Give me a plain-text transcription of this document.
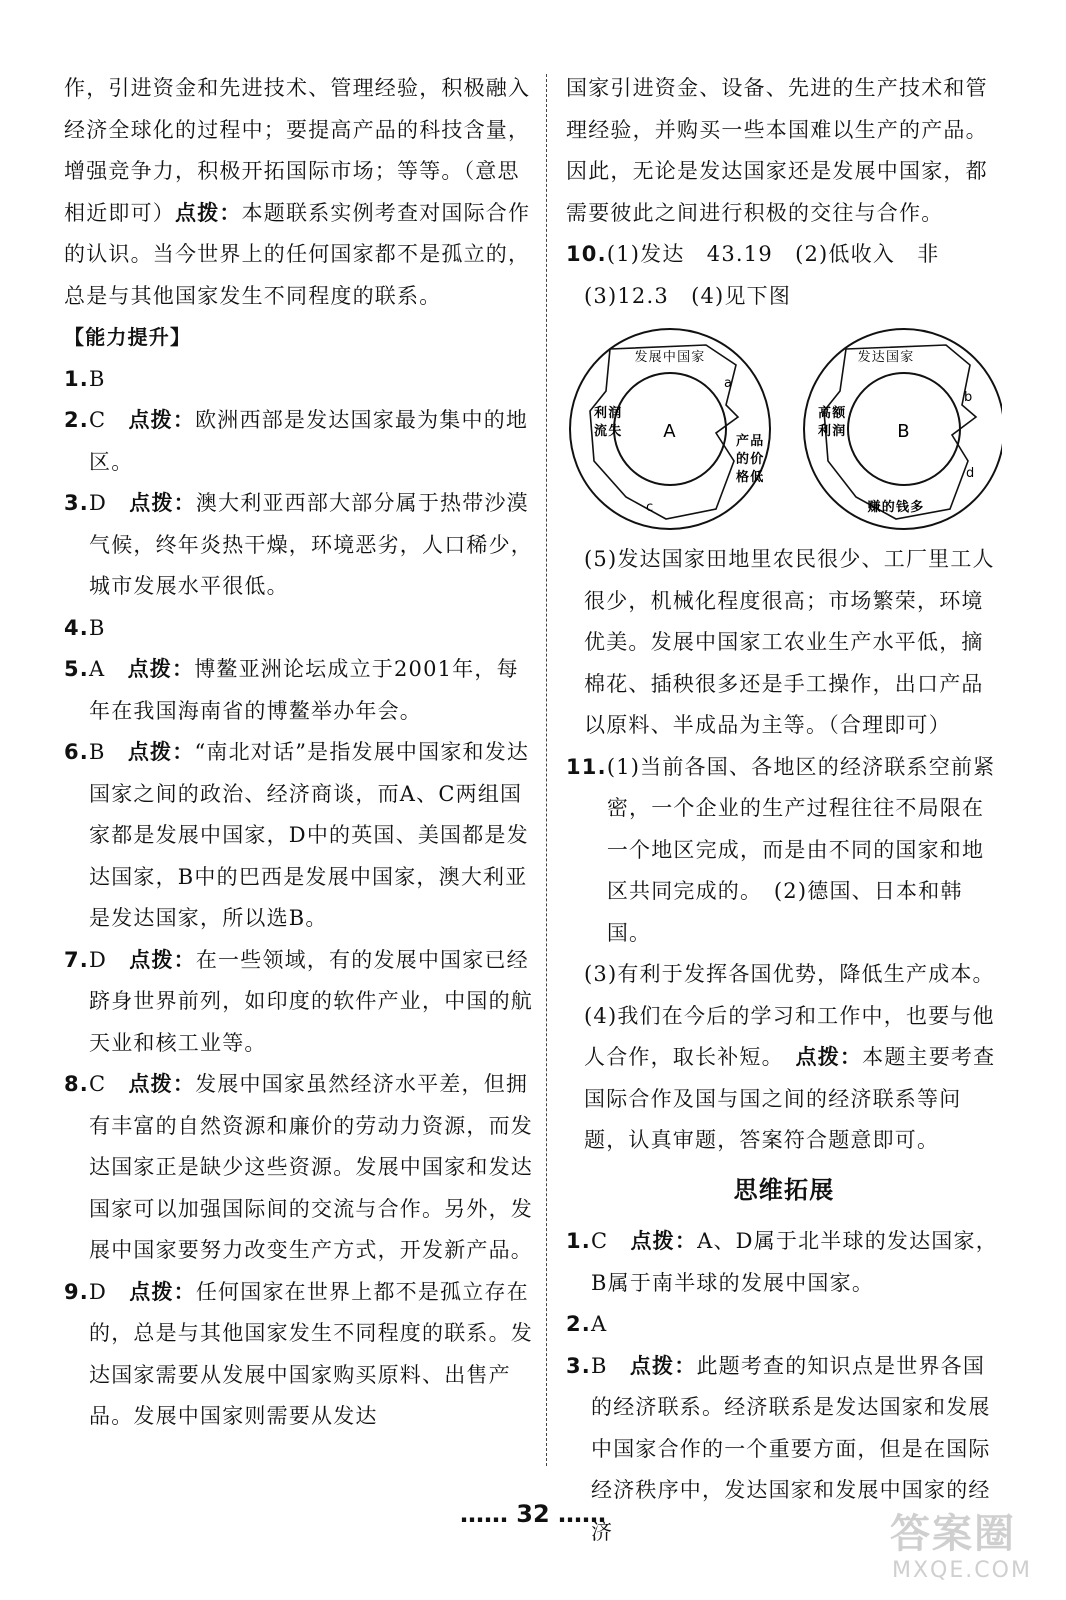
作，引进资金和先进技术、管理经验，积极融入经济全球化的过程中；要提高产品的科技含量，增强竞争力，积极开拓国际市场；等等。（意思相近即可）点拨：本题联系实例考查对国际合作的认识。当今世界上的任何国家都不是孤立的，总是与其他国家发生不同程度的联系。

【能力提升】

1. B
2. C　 点拨：欧洲西部是发达国家最为集中的地区。
3. D　 点拨：澳大利亚西部大部分属于热带沙漠气候，终年炎热干燥，环境恶劣，人口稀少，城市发展水平很低。
4. B
5. A　 点拨：博鳌亚洲论坛成立于2001年，每年在我国海南省的博鳌举办年会。
6. B　 点拨：“南北对话”是指发展中国家和发达国家之间的政治、经济商谈，而A、C两组国家都是发展中国家，D中的英国、美国都是发达国家，B中的巴西是发展中国家，澳大利亚是发达国家，所以选B。
7. D　 点拨：在一些领域，有的发展中国家已经跻身世界前列，如印度的软件产业，中国的航天业和核工业等。
8. C　 点拨：发展中国家虽然经济水平差，但拥有丰富的自然资源和廉价的劳动力资源，而发达国家正是缺少这些资源。发展中国家和发达国家可以加强国际间的交流与合作。另外，发展中国家要努力改变生产方式，开发新产品。
9. D　 点拨：任何国家在世界上都不是孤立存在的，总是与其他国家发生不同程度的联系。发达国家需要从发展中国家购买原料、出售产品。发展中国家则需要从发达

国家引进资金、设备、先进的生产技术和管理经验，并购买一些本国难以生产的产品。因此，无论是发达国家还是发展中国家，都需要彼此之间进行积极的交往与合作。

10. (1)发达　43.19　(2)低收入　非

(3)12.3　(4)见下图

A
发展中国家
利润
流失
产品
的价
格低
a
c
B
发达国家
高额
利润
赚的钱多
b
d

(5)发达国家田地里农民很少、工厂里工人很少，机械化程度很高；市场繁荣，环境优美。发展中国家工农业生产水平低，摘棉花、插秧很多还是手工操作，出口产品以原料、半成品为主等。（合理即可）

11. (1)当前各国、各地区的经济联系空前紧密，一个企业的生产过程往往不局限在一个地区完成，而是由不同的国家和地区共同完成的。　(2)德国、日本和韩国。

(3)有利于发挥各国优势，降低生产成本。

(4)我们在今后的学习和工作中，也要与他人合作，取长补短。　 点拨：本题主要考查国际合作及国与国之间的经济联系等问题，认真审题，答案符合题意即可。

思维拓展

1. C　 点拨：A、D属于北半球的发达国家，B属于南半球的发展中国家。
2. A
3. B　 点拨：此题考查的知识点是世界各国的经济联系。经济联系是发达国家和发展中国家合作的一个重要方面，但是在国际经济秩序中，发达国家和发展中国家的经济
…… 32 ……	答案圈
MXQE.COM
